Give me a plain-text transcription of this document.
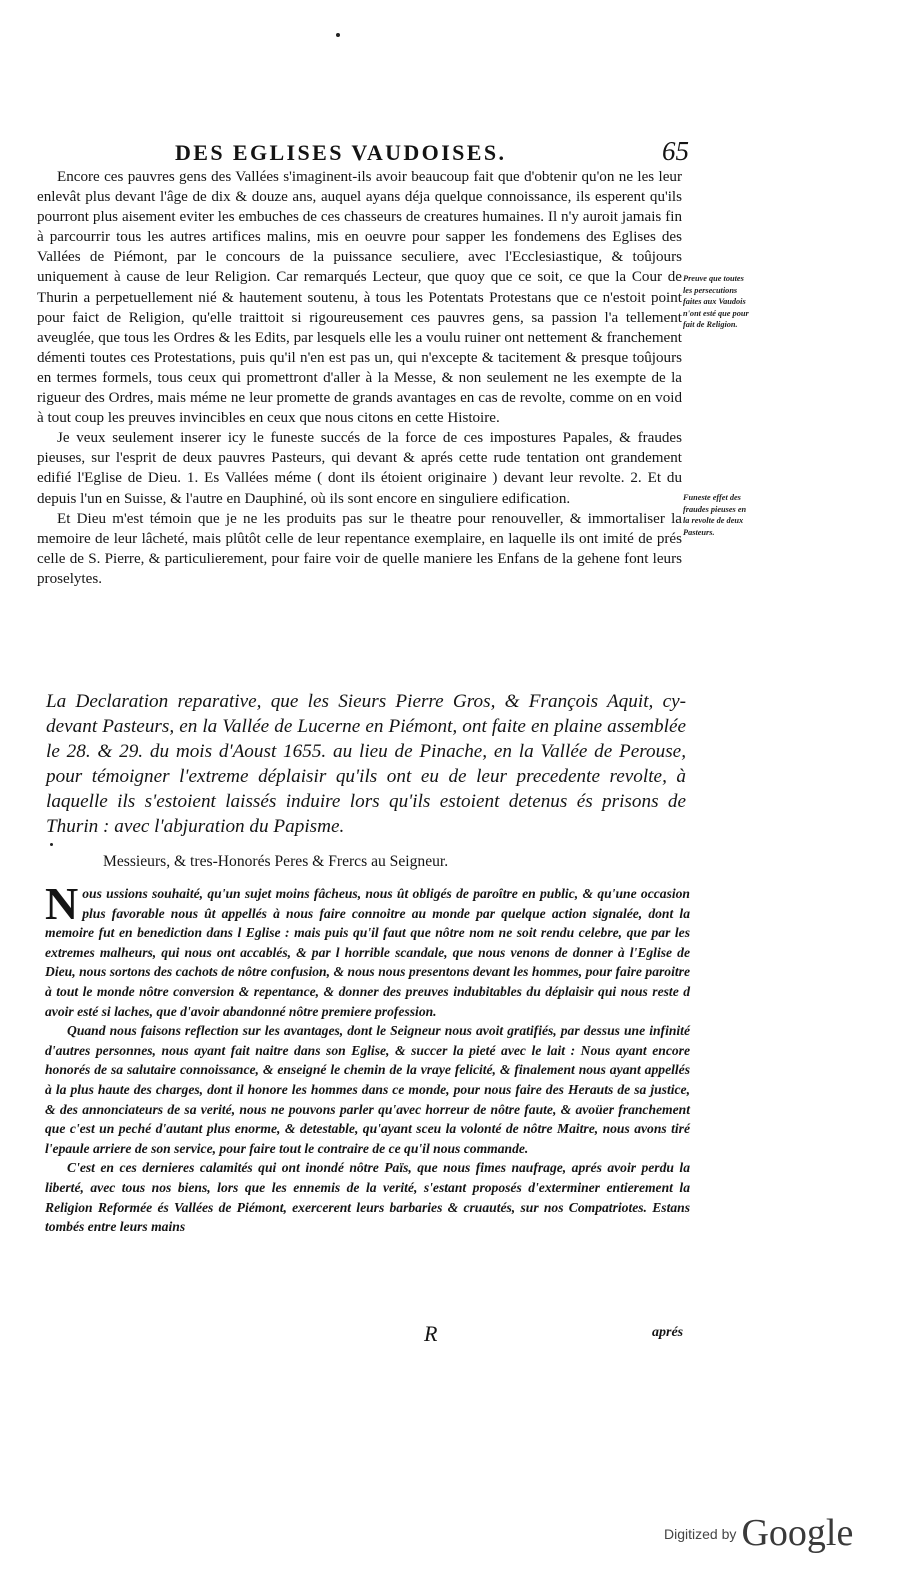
DES EGLISES VAUDOISES.	65

Encore ces pauvres gens des Vallées s'imaginent-ils avoir beaucoup fait que d'obtenir qu'on ne les leur enlevât plus devant l'âge de dix & douze ans, auquel ayans déja quelque connoissance, ils esperent qu'ils pourront plus aisement eviter les embuches de ces chasseurs de creatures humaines. Il n'y auroit jamais fin à parcourrir tous les autres artifices malins, mis en oeuvre pour sapper les fondemens des Eglises des Vallées de Piémont, par le concours de la puissance seculiere, avec l'Ecclesiastique, & toûjours uniquement à cause de leur Religion. Car remarqués Lecteur, que quoy que ce soit, ce que la Cour de Thurin a perpetuellement nié & hautement soutenu, à tous les Potentats Protestans que ce n'estoit point pour faict de Religion, qu'elle traittoit si rigoureusement ces pauvres gens, sa passion l'a tellement aveuglée, que tous les Ordres & les Edits, par lesquels elle les a voulu ruiner ont nettement & franchement démenti toutes ces Protestations, puis qu'il n'en est pas un, qui n'excepte & tacitement & presque toûjours en termes formels, tous ceux qui promettront d'aller à la Messe, & non seulement ne les exempte de la rigueur des Ordres, mais méme ne leur promette de grands avantages en cas de revolte, comme on en void à tout coup les preuves invincibles en ceux que nous citons en cette Histoire.

Je veux seulement inserer icy le funeste succés de la force de ces impostures Papales, & fraudes pieuses, sur l'esprit de deux pauvres Pasteurs, qui devant & aprés cette rude tentation ont grandement edifié l'Eglise de Dieu. 1. Es Vallées méme ( dont ils étoient originaire ) devant leur revolte. 2. Et du depuis l'un en Suisse, & l'autre en Dauphiné, où ils sont encore en singuliere edification.

Et Dieu m'est témoin que je ne les produits pas sur le theatre pour renouveller, & immortaliser la memoire de leur lâcheté, mais plûtôt celle de leur repentance exemplaire, en laquelle ils ont imité de prés celle de S. Pierre, & particulierement, pour faire voir de quelle maniere les Enfans de la gehene font leurs proselytes.

Preuve que toutes les persecutions faites aux Vaudois n'ont esté que pour fait de Religion.
Funeste effet des fraudes pieuses en la revolte de deux Pasteurs.
La Declaration reparative, que les Sieurs Pierre Gros, & François Aquit, cy-devant Pasteurs, en la Vallée de Lucerne en Piémont, ont faite en plaine assemblée le 28. & 29. du mois d'Aoust 1655. au lieu de Pinache, en la Vallée de Perouse, pour témoigner l'extreme déplaisir qu'ils ont eu de leur precedente revolte, à laquelle ils s'estoient laissés induire lors qu'ils estoient detenus és prisons de Thurin : avec l'abjuration du Papisme.
Messieurs, & tres-Honorés Peres & Frercs au Seigneur.

Nous ussions souhaité, qu'un sujet moins fâcheus, nous ût obligés de paroître en public, & qu'une occasion plus favorable nous ût appellés à nous faire connoitre au monde par quelque action signalée, dont la memoire fut en benediction dans l Eglise : mais puis qu'il faut que nôtre nom ne soit rendu celebre, que par les extremes malheurs, qui nous ont accablés, & par l horrible scandale, que nous venons de donner à l'Eglise de Dieu, nous sortons des cachots de nôtre confusion, & nous nous presentons devant les hommes, pour faire paroitre à tout le monde nôtre conversion & repentance, & donner des preuves indubitables du déplaisir qui nous reste d avoir esté si laches, que d'avoir abandonné nôtre premiere profession.

Quand nous faisons reflection sur les avantages, dont le Seigneur nous avoit gratifiés, par dessus une infinité d'autres personnes, nous ayant fait naitre dans son Eglise, & succer la pieté avec le lait : Nous ayant encore honorés de sa salutaire connoissance, & enseigné le chemin de la vraye felicité, & finalement nous ayant appellés à la plus haute des charges, dont il honore les hommes dans ce monde, pour nous faire des Herauts de sa justice, & des annonciateurs de sa verité, nous ne pouvons parler qu'avec horreur de nôtre faute, & avoüer franchement que c'est un peché d'autant plus enorme, & detestable, qu'ayant sceu la volonté de nôtre Maitre, nous avons tiré l'epaule arriere de son service, pour faire tout le contraire de ce qu'il nous commande.

C'est en ces dernieres calamités qui ont inondé nôtre Païs, que nous fimes naufrage, aprés avoir perdu la liberté, avec tous nos biens, lors que les ennemis de la verité, s'estant proposés d'exterminer entierement la Religion Reformée és Vallées de Piémont, exercerent leurs barbaries & cruautés, sur nos Compatriotes. Estans tombés entre leurs mains

R	aprés
Digitized by Google
